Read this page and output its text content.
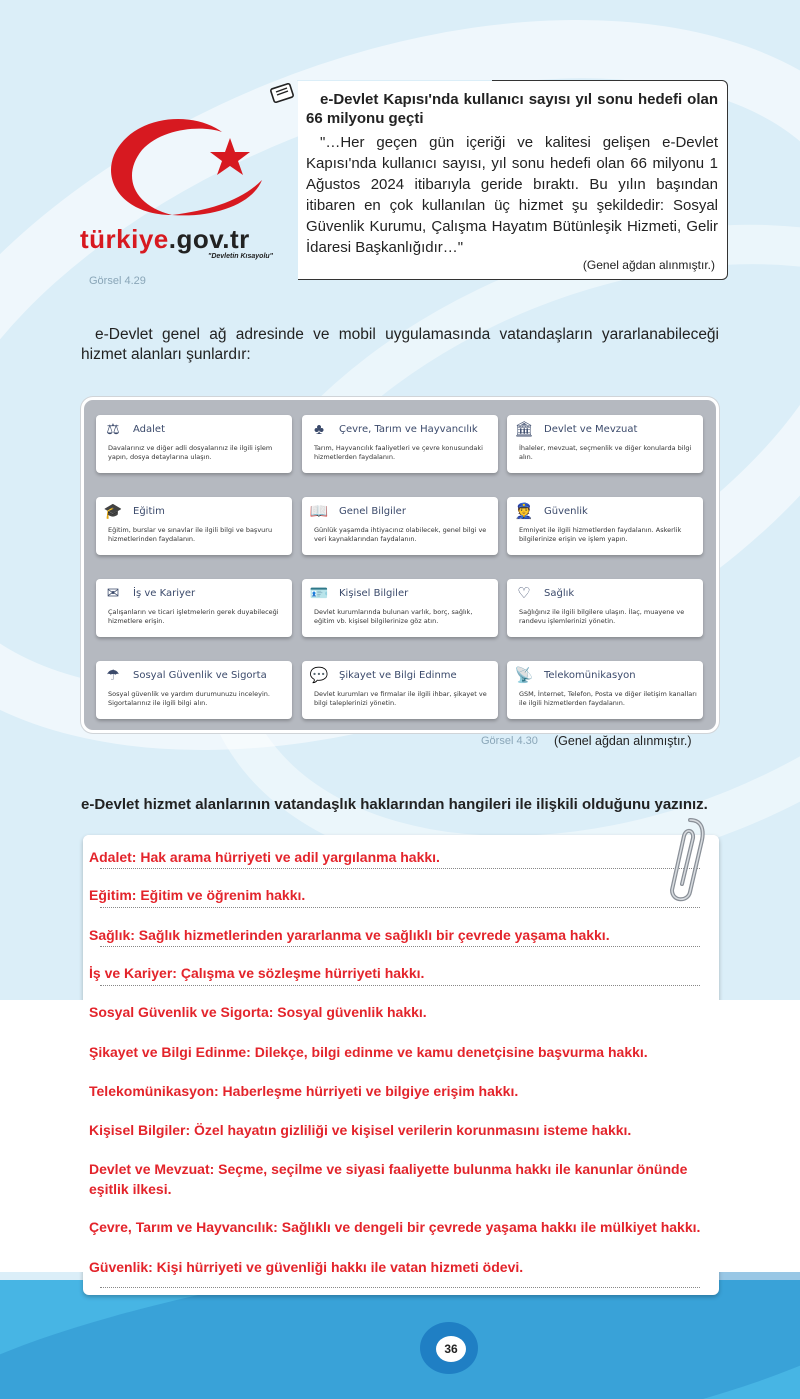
türkiye.gov.tr
"Devletin Kısayolu"
Görsel 4.29
e-Devlet Kapısı'nda kullanıcı sayısı yıl sonu hedefi olan 66 milyonu geçti
"…Her geçen gün içeriği ve kalitesi gelişen e-Devlet Kapısı'nda kullanıcı sayısı, yıl sonu hedefi olan 66 milyonu 1 Ağustos 2024 itibarıyla geride bıraktı. Bu yılın başından itibaren en çok kullanılan üç hizmet şu şekildedir: Sosyal Güvenlik Kurumu, Çalışma Hayatım Bütünleşik Hizmeti, Gelir İdaresi Başkanlığıdır…"
(Genel ağdan alınmıştır.)
e-Devlet genel ağ adresinde ve mobil uygulamasında vatandaşların yararlanabileceği hizmet alanları şunlardır:
⚖	Adalet
Davalarınız ve diğer adli dosyalarınız ile ilgili işlem yapın, dosya detaylarına ulaşın.
♣	Çevre, Tarım ve Hayvancılık
Tarım, Hayvancılık faaliyetleri ve çevre konusundaki hizmetlerden faydalanın.
🏛 Devlet ve Mevzuat
İhaleler, mevzuat, seçmenlik ve diğer konularda bilgi alın.
🎓 Eğitim
Eğitim, burslar ve sınavlar ile ilgili bilgi ve başvuru hizmetlerinden faydalanın.
📖 Genel Bilgiler
Günlük yaşamda ihtiyacınız olabilecek, genel bilgi ve veri kaynaklarından faydalanın.
👮 Güvenlik
Emniyet ile ilgili hizmetlerden faydalanın. Askerlik bilgilerinize erişin ve işlem yapın.
✉	İş ve Kariyer
Çalışanların ve ticari işletmelerin gerek duyabileceği hizmetlere erişin.
🪪 Kişisel Bilgiler
Devlet kurumlarında bulunan varlık, borç, sağlık, eğitim vb. kişisel bilgilerinize göz atın.
♡	Sağlık
Sağlığınız ile ilgili bilgilere ulaşın. İlaç, muayene ve randevu işlemlerinizi yönetin.
☂	Sosyal Güvenlik ve Sigorta
Sosyal güvenlik ve yardım durumunuzu inceleyin. Sigortalarınız ile ilgili bilgi alın.
💬 Şikayet ve Bilgi Edinme
Devlet kurumları ve firmalar ile ilgili ihbar, şikayet ve bilgi taleplerinizi yönetin.
📡 Telekomünikasyon
GSM, İnternet, Telefon, Posta ve diğer iletişim kanalları ile ilgili hizmetlerden faydalanın.
Görsel 4.30 (Genel ağdan alınmıştır.)
e-Devlet hizmet alanlarının vatandaşlık haklarından hangileri ile ilişkili olduğunu yazınız.
Adalet: Hak arama hürriyeti ve adil yargılanma hakkı.
Eğitim: Eğitim ve öğrenim hakkı.
Sağlık: Sağlık hizmetlerinden yararlanma ve sağlıklı bir çevrede yaşama hakkı.
İş ve Kariyer: Çalışma ve sözleşme hürriyeti hakkı.
Sosyal Güvenlik ve Sigorta: Sosyal güvenlik hakkı.
Şikayet ve Bilgi Edinme: Dilekçe, bilgi edinme ve kamu denetçisine başvurma hakkı.
Telekomünikasyon: Haberleşme hürriyeti ve bilgiye erişim hakkı.
Kişisel Bilgiler: Özel hayatın gizliliği ve kişisel verilerin korunmasını isteme hakkı.
Devlet ve Mevzuat: Seçme, seçilme ve siyasi faaliyette bulunma hakkı ile kanunlar önünde eşitlik ilkesi.
Çevre, Tarım ve Hayvancılık: Sağlıklı ve dengeli bir çevrede yaşama hakkı ile mülkiyet hakkı.
Güvenlik: Kişi hürriyeti ve güvenliği hakkı ile vatan hizmeti ödevi.
36
